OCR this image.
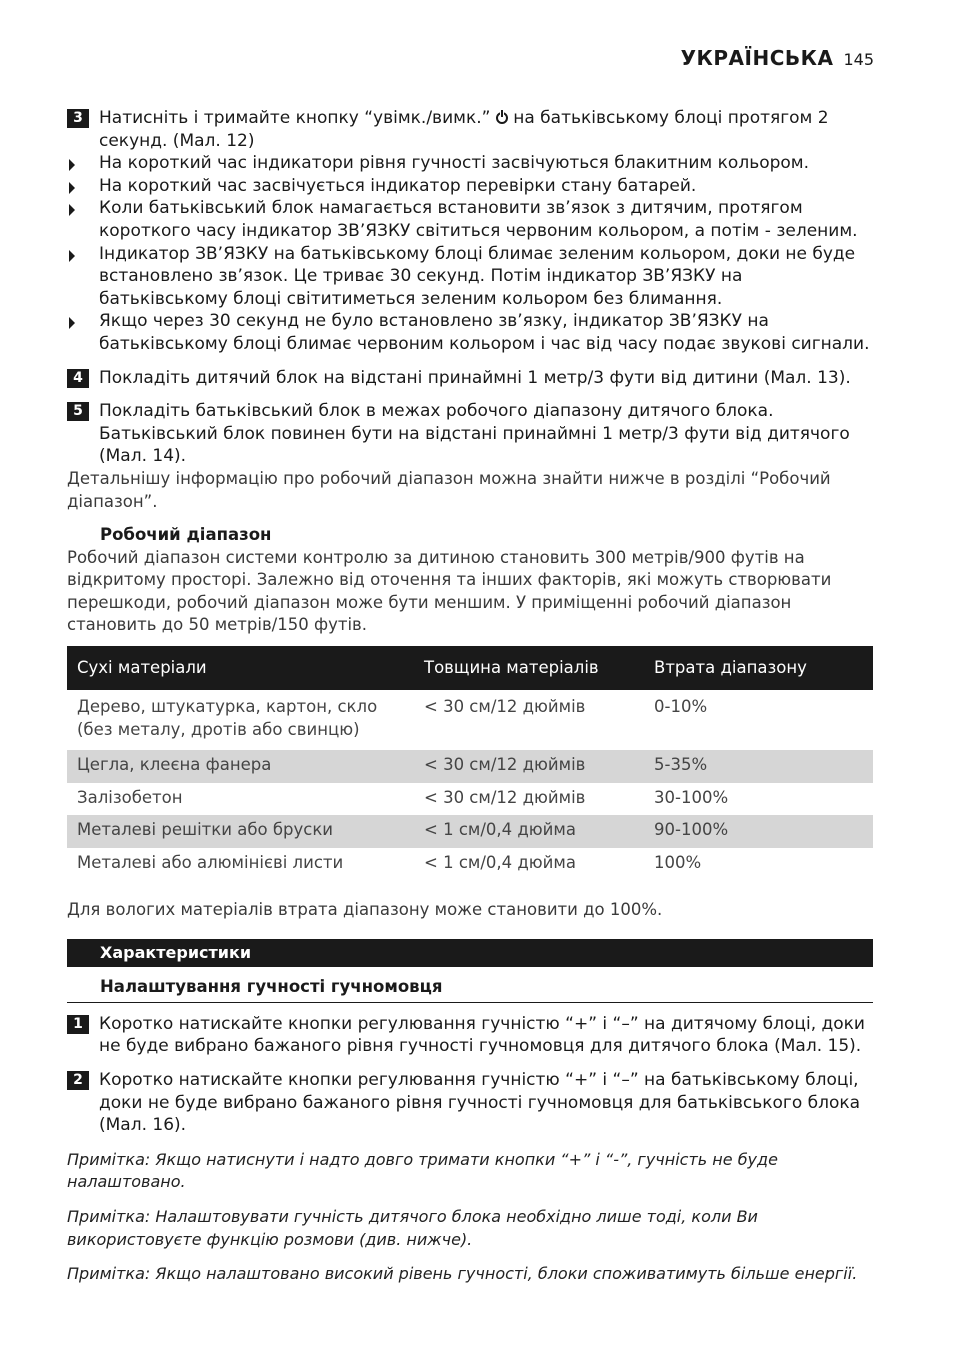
УКРАЇНСЬКА 145
3 Натисніть і тримайте кнопку “увімк./вимк.” на батьківському блоці протягом 2 секунд. (Мал. 12)
На короткий час індикатори рівня гучності засвічуються блакитним кольором.
На короткий час засвічується індикатор перевірки стану батарей.
Коли батьківський блок намагається встановити зв’язок з дитячим, протягом короткого часу індикатор ЗВ’ЯЗКУ світиться червоним кольором, а потім - зеленим.
Індикатор ЗВ’ЯЗКУ на батьківському блоці блимає зеленим кольором, доки не буде встановлено зв’язок. Це триває 30 секунд. Потім індикатор ЗВ’ЯЗКУ на батьківському блоці світитиметься зеленим кольором без блимання.
Якщо через 30 секунд не було встановлено зв’язку, індикатор ЗВ’ЯЗКУ на батьківському блоці блимає червоним кольором і час від часу подає звукові сигнали.
4 Покладіть дитячий блок на відстані принаймні 1 метр/3 фути від дитини (Мал. 13).
5 Покладіть батьківський блок в межах робочого діапазону дитячого блока. Батьківський блок повинен бути на відстані принаймні 1 метр/3 фути від дитячого (Мал. 14).
Детальнішу інформацію про робочий діапазон можна знайти нижче в розділі “Робочий діапазон”.
Робочий діапазон
Робочий діапазон системи контролю за дитиною становить 300 метрів/900 футів на відкритому просторі. Залежно від оточення та інших факторів, які можуть створювати перешкоди, робочий діапазон може бути меншим. У приміщенні робочий діапазон становить до 50 метрів/150 футів.
Сухі матеріали	Товщина матеріалів	Втрата діапазону
Дерево, штукатурка, картон, скло (без металу, дротів або свинцю)	< 30 см/12 дюймів	0-10%
Цегла, клеєна фанера	< 30 см/12 дюймів	5-35%
Залізобетон	< 30 см/12 дюймів	30-100%
Металеві решітки або бруски	< 1 см/0,4 дюйма	90-100%
Металеві або алюмінієві листи	< 1 см/0,4 дюйма	100%
Для вологих матеріалів втрата діапазону може становити до 100%.
Характеристики
Налаштування гучності гучномовця
1 Коротко натискайте кнопки регулювання гучністю “+” і “–” на дитячому блоці, доки не буде вибрано бажаного рівня гучності гучномовця для дитячого блока (Мал. 15).
2 Коротко натискайте кнопки регулювання гучністю “+” і “–” на батьківському блоці, доки не буде вибрано бажаного рівня гучності гучномовця для батьківського блока (Мал. 16).
Примітка: Якщо натиснути і надто довго тримати кнопки “+” і “-”, гучність не буде налаштовано.
Примітка: Налаштовувати гучність дитячого блока необхідно лише тоді, коли Ви використовуєте функцію розмови (див. нижче).
Примітка: Якщо налаштовано високий рівень гучності, блоки споживатимуть більше енергії.
